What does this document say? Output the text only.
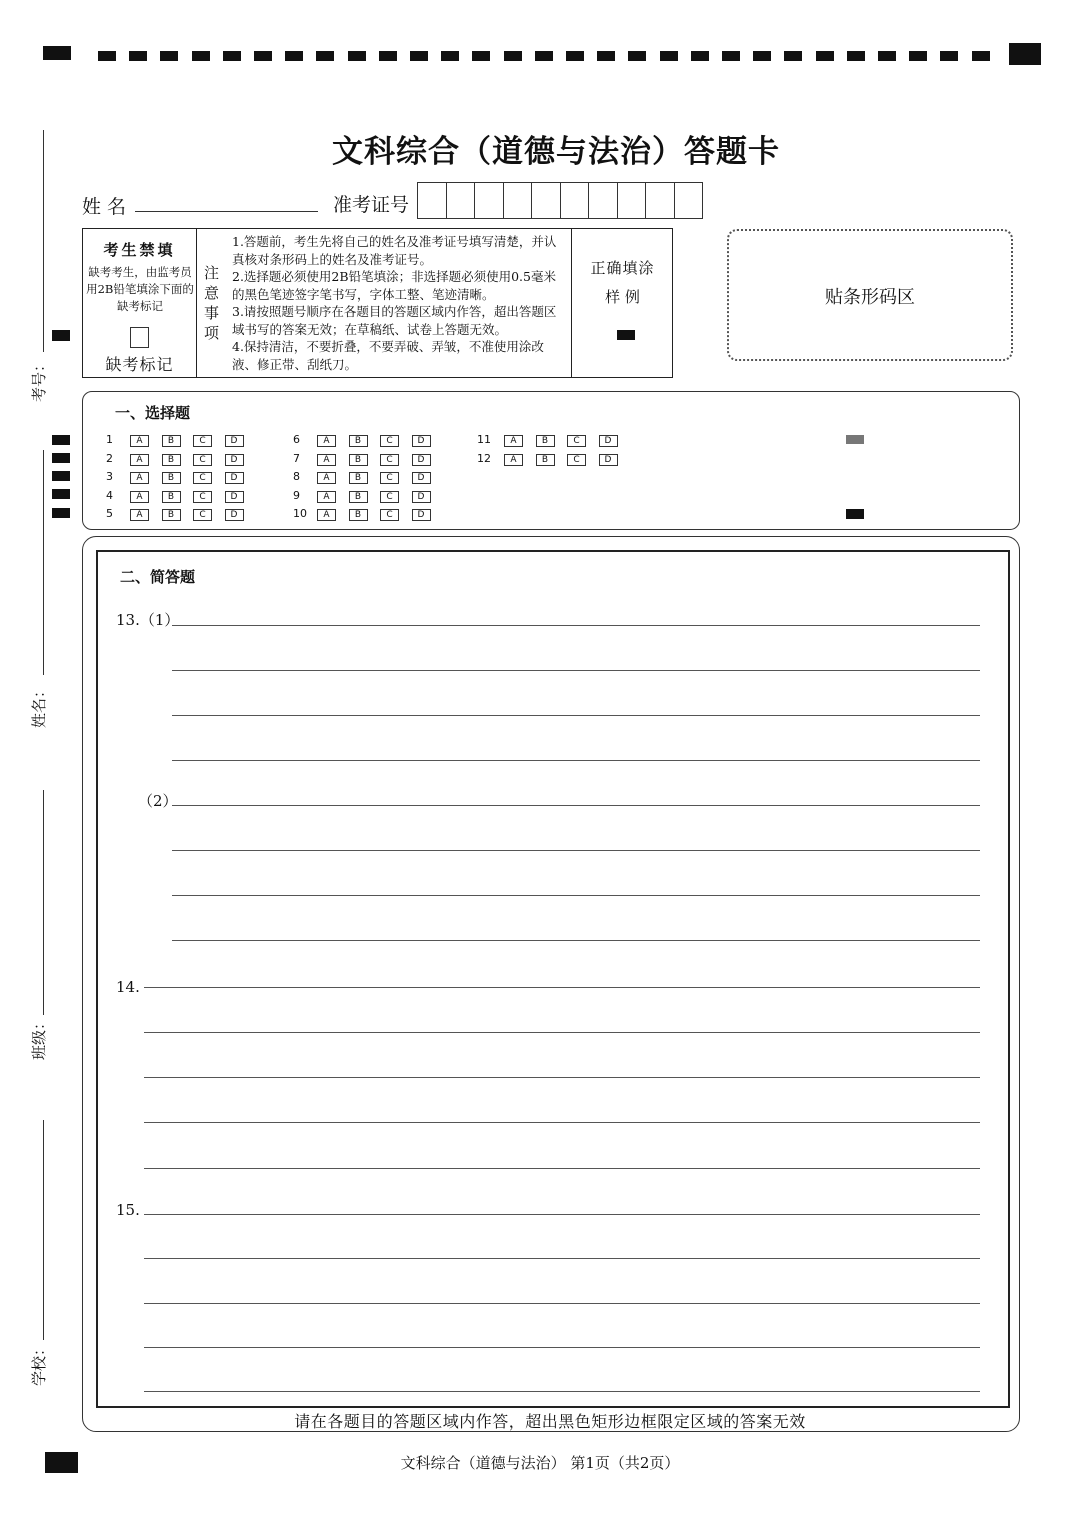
文科综合（道德与法治）答题卡
姓 名	准考证号
考生禁填
缺考考生，由监考员用2B铅笔填涂下面的缺考标记
缺考标记
注意事项
1.答题前，考生先将自己的姓名及准考证号填写清楚，并认真核对条形码上的姓名及准考证号。
2.选择题必须使用2B铅笔填涂；非选择题必须使用0.5毫米的黑色笔迹签字笔书写，字体工整、笔迹清晰。
3.请按照题号顺序在各题目的答题区域内作答，超出答题区域书写的答案无效；在草稿纸、试卷上答题无效。
4.保持清洁，不要折叠，不要弄破、弄皱，不准使用涂改液、修正带、刮纸刀。
正确填涂
样 例	贴条形码区
一、选择题
1	A	B	C	D
2	A	B	C	D
3	A	B	C	D
4	A	B	C	D
5	A	B	C	D
6	A	B	C	D
7	A	B	C	D
8	A	B	C	D
9	A	B	C	D
10	A	B	C	D
11	A	B	C	D
12	A	B	C	D
二、简答题
13.（1）
（2）
14.
15.
请在各题目的答题区域内作答，超出黑色矩形边框限定区域的答案无效
文科综合（道德与法治） 第1页（共2页）
考号：
姓名：
班级：
学校：
